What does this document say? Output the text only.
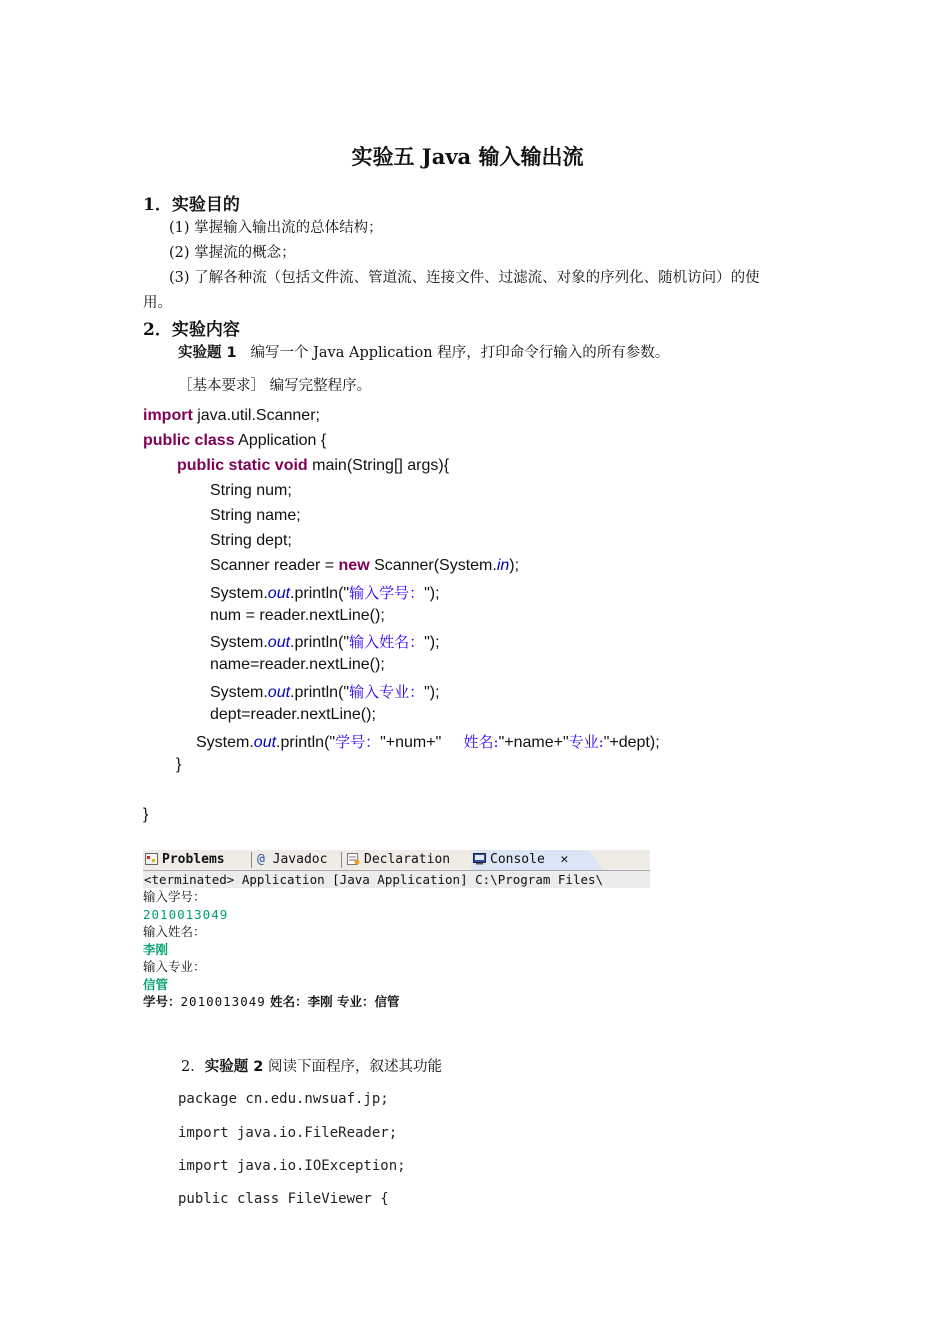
实验五 Java 输入输出流
1．实验目的
(1) 掌握输入输出流的总体结构；
(2) 掌握流的概念；
(3) 了解各种流（包括文件流、管道流、连接文件、过滤流、对象的序列化、随机访问）的使
用。
2．实验内容
实验题 1 编写一个 Java Application 程序，打印命令行输入的所有参数。
［基本要求］ 编写完整程序。
import java.util.Scanner;
public class Application {
public static void main(String[] args){
String num;
String name;
String dept;
Scanner reader = new Scanner(System.in);
System.out.println("输入学号：");
num = reader.nextLine();
System.out.println("输入姓名：");
name=reader.nextLine();
System.out.println("输入专业：");
dept=reader.nextLine();
System.out.println("学号："+num+" 姓名:"+name+"专业:"+dept);
}
}
Problems	@ Javadoc	Declaration	Console ✕
<terminated> Application [Java Application] C:\Program Files\
输入学号：
2010013049
输入姓名：
李刚
输入专业：
信管
学号：2010013049 姓名：李刚 专业：信管
2．实验题 2 阅读下面程序，叙述其功能
package cn.edu.nwsuaf.jp;
import java.io.FileReader;
import java.io.IOException;
public class FileViewer {
